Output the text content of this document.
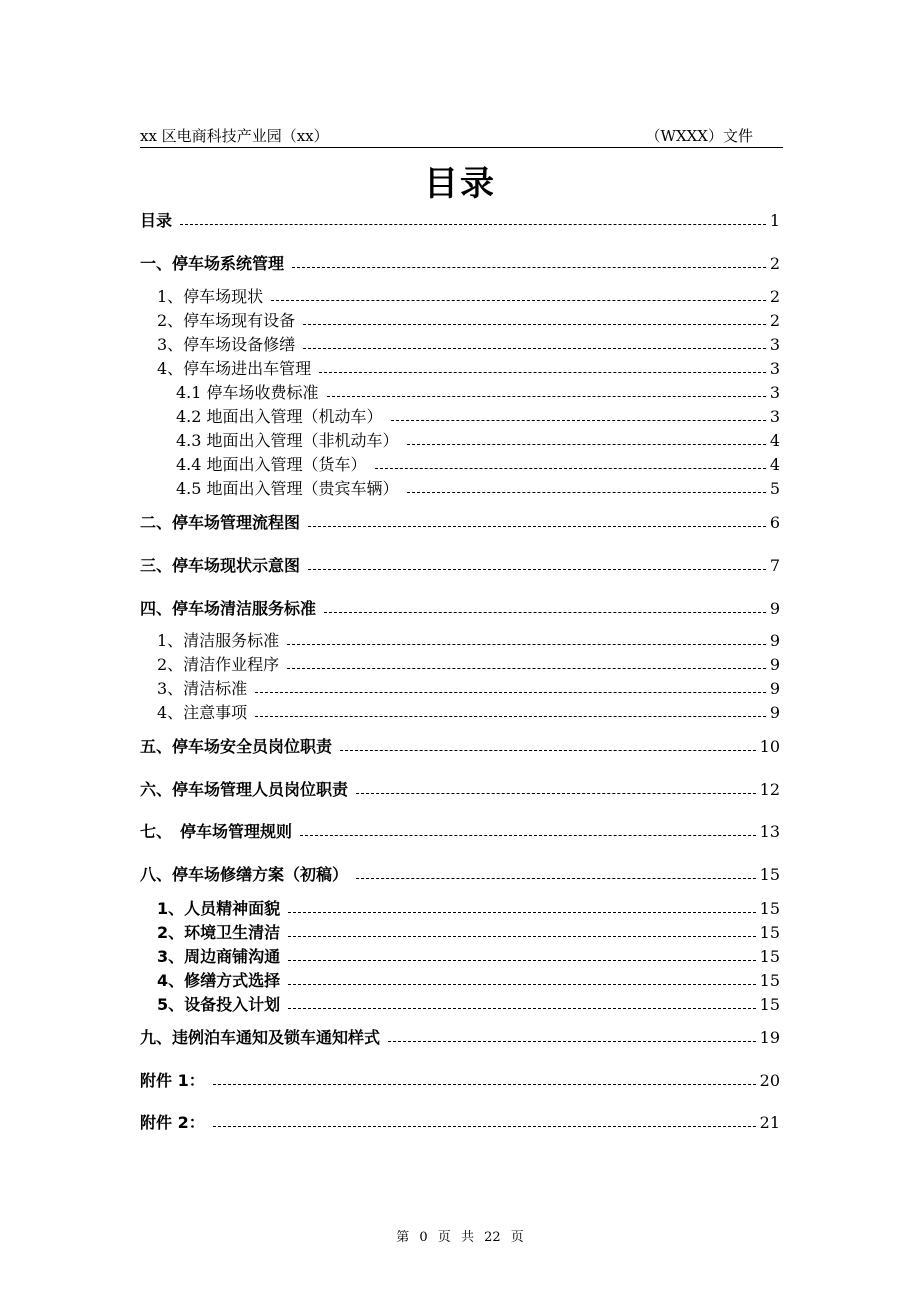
xx 区电商科技产业园（xx）	（WXXX）文件
目录
目录	1
一、停车场系统管理	2
1、停车场现状	2
2、停车场现有设备	2
3、停车场设备修缮	3
4、停车场进出车管理	3
4.1 停车场收费标准	3
4.2 地面出入管理（机动车）	3
4.3 地面出入管理（非机动车）	4
4.4 地面出入管理（货车）	4
4.5 地面出入管理（贵宾车辆）	5
二、停车场管理流程图	6
三、停车场现状示意图	7
四、停车场清洁服务标准	9
1、清洁服务标准	9
2、清洁作业程序	9
3、清洁标准	9
4、注意事项	9
五、停车场安全员岗位职责	10
六、停车场管理人员岗位职责	12
七、　停车场管理规则	13
八、停车场修缮方案（初稿）	15
1、人员精神面貌	15
2、环境卫生清洁	15
3、周边商铺沟通	15
4、修缮方式选择	15
5、设备投入计划	15
九、违例泊车通知及锁车通知样式	19
附件 1：	20
附件 2：	21
第 0 页 共 22 页
